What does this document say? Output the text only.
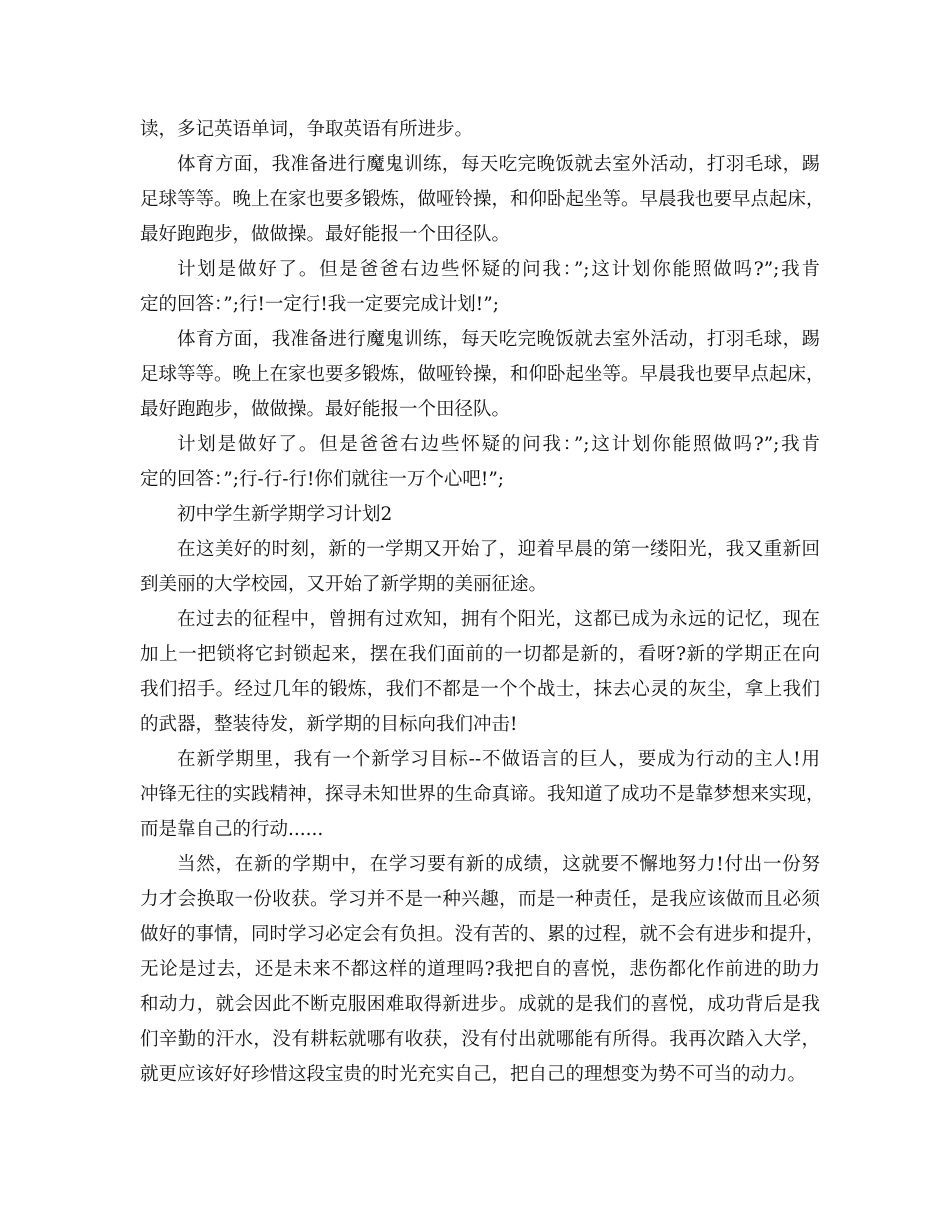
读，多记英语单词，争取英语有所进步。
体育方面，我准备进行魔鬼训练，每天吃完晚饭就去室外活动，打羽毛球，踢
足球等等。晚上在家也要多锻炼，做哑铃操，和仰卧起坐等。早晨我也要早点起床，
最好跑跑步，做做操。最好能报一个田径队。
计划是做好了。但是爸爸右边些怀疑的问我：”;这计划你能照做吗?”;我肯
定的回答：”;行!一定行!我一定要完成计划!”;
体育方面，我准备进行魔鬼训练，每天吃完晚饭就去室外活动，打羽毛球，踢
足球等等。晚上在家也要多锻炼，做哑铃操，和仰卧起坐等。早晨我也要早点起床，
最好跑跑步，做做操。最好能报一个田径队。
计划是做好了。但是爸爸右边些怀疑的问我：”;这计划你能照做吗?”;我肯
定的回答：”;行-行-行!你们就往一万个心吧!”;
初中学生新学期学习计划2
在这美好的时刻，新的一学期又开始了，迎着早晨的第一缕阳光，我又重新回
到美丽的大学校园，又开始了新学期的美丽征途。
在过去的征程中，曾拥有过欢知，拥有个阳光，这都已成为永远的记忆，现在
加上一把锁将它封锁起来，摆在我们面前的一切都是新的，看呀?新的学期正在向
我们招手。经过几年的锻炼，我们不都是一个个战士，抹去心灵的灰尘，拿上我们
的武器，整装待发，新学期的目标向我们冲击!
在新学期里，我有一个新学习目标--不做语言的巨人，要成为行动的主人!用
冲锋无往的实践精神，探寻未知世界的生命真谛。我知道了成功不是靠梦想来实现，
而是靠自己的行动......
当然，在新的学期中，在学习要有新的成绩，这就要不懈地努力!付出一份努
力才会换取一份收获。学习并不是一种兴趣，而是一种责任，是我应该做而且必须
做好的事情，同时学习必定会有负担。没有苦的、累的过程，就不会有进步和提升，
无论是过去，还是未来不都这样的道理吗?我把自的喜悦，悲伤都化作前进的助力
和动力，就会因此不断克服困难取得新进步。成就的是我们的喜悦，成功背后是我
们辛勤的汗水，没有耕耘就哪有收获，没有付出就哪能有所得。我再次踏入大学，
就更应该好好珍惜这段宝贵的时光充实自己，把自己的理想变为势不可当的动力。
